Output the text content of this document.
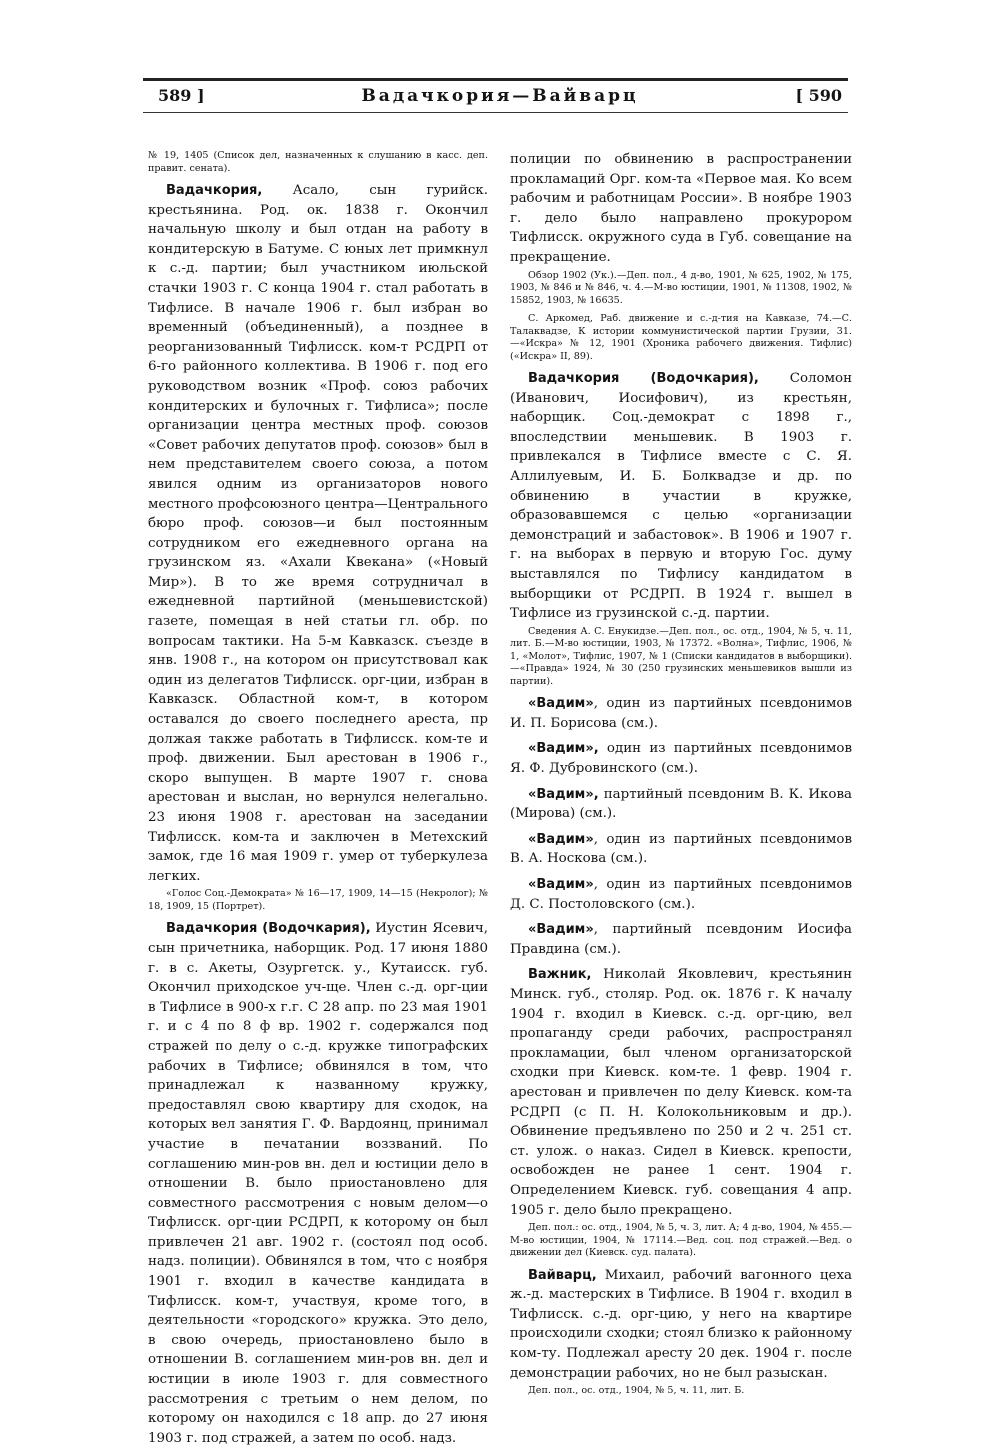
589 ]	Вадачкория—Вайварц	[ 590
№ 19, 1405 (Список дел, назначенных к слушанию в касс. деп. правит. сената).

Вадачкория, Асало, сын гурийск. крестьянина. Род. ок. 1838 г. Окончил начальную школу и был отдан на работу в кондитерскую в Батуме. С юных лет примкнул к с.-д. партии; был участником июльской стачки 1903 г. С конца 1904 г. стал работать в Тифлисе. В начале 1906 г. был избран во временный (объединенный), а позднее в реорганизованный Тифлисск. ком-т РСДРП от 6-го районного коллектива. В 1906 г. под его руководством возник «Проф. союз рабочих кондитерских и булочных г. Тифлиса»; после организации центра местных проф. союзов «Совет рабочих депутатов проф. союзов» был в нем представителем своего союза, а потом явился одним из организаторов нового местного профсоюзного центра—Центрального бюро проф. союзов—и был постоянным сотрудником его ежедневного органа на грузинском яз. «Ахали Квекана» («Новый Мир»). В то же время сотрудничал в ежедневной партийной (меньшевистской) газете, помещая в ней статьи гл. обр. по вопросам тактики. На 5-м Кавказск. съезде в янв. 1908 г., на котором он присутствовал как один из делегатов Тифлисск. орг-ции, избран в Кавказск. Областной ком-т, в котором оставался до своего последнего ареста, пр должая также работать в Тифлисск. ком-те и проф. движении. Был арестован в 1906 г., скоро выпущен. В марте 1907 г. снова арестован и выслан, но вернулся нелегально. 23 июня 1908 г. арестован на заседании Тифлисск. ком-та и заключен в Метехский замок, где 16 мая 1909 г. умер от туберкулеза легких.

«Голос Соц.-Демократа» № 16—17, 1909, 14—15 (Некролог); № 18, 1909, 15 (Портрет).

Вадачкория (Водочкария), Иустин Ясевич, сын причетника, наборщик. Род. 17 июня 1880 г. в с. Акеты, Озургетск. у., Кутаисск. губ. Окончил приходское уч-ще. Член с.-д. орг-ции в Тифлисе в 900-х г.г. С 28 апр. по 23 мая 1901 г. и с 4 по 8 ф вр. 1902 г. содержался под стражей по делу о с.-д. кружке типографских рабочих в Тифлисе; обвинялся в том, что принадлежал к названному кружку, предоставлял свою квартиру для сходок, на которых вел занятия Г. Ф. Вардоянц, принимал участие в печатании воззваний. По соглашению мин-ров вн. дел и юстиции дело в отношении В. было приостановлено для совместного рассмотрения с новым делом—о Тифлисск. орг-ции РСДРП, к которому он был привлечен 21 авг. 1902 г. (состоял под особ. надз. полиции). Обвинялся в том, что с ноября 1901 г. входил в качестве кандидата в Тифлисск. ком-т, участвуя, кроме того, в деятельности «городского» кружка. Это дело, в свою очередь, приостановлено было в отношении В. соглашением мин-ров вн. дел и юстиции в июле 1903 г. для совместного рассмотрения с третьим о нем делом, по которому он находился с 18 апр. до 27 июня 1903 г. под стражей, а затем по особ. надз.

полиции по обвинению в распространении прокламаций Орг. ком-та «Первое мая. Ко всем рабочим и работницам России». В ноябре 1903 г. дело было направлено прокурором Тифлисск. окружного суда в Губ. совещание на прекращение.

Обзор 1902 (Ук.).—Деп. пол., 4 д-во, 1901, № 625, 1902, № 175, 1903, № 846 и № 846, ч. 4.—М-во юстиции, 1901, № 11308, 1902, № 15852, 1903, № 16635.
С. Аркомед, Раб. движение и с.-д-тия на Кавказе, 74.—С. Талаквадзе, К истории коммунистической партии Грузии, 31.—«Искра» № 12, 1901 (Хроника рабочего движения. Тифлис) («Искра» II, 89).

Вадачкория (Водочкария), Соломон (Иванович, Иосифович), из крестьян, наборщик. Соц.-демократ с 1898 г., впоследствии меньшевик. В 1903 г. привлекался в Тифлисе вместе с С. Я. Аллилуевым, И. Б. Болквадзе и др. по обвинению в участии в кружке, образовавшемся с целью «организации демонстраций и забастовок». В 1906 и 1907 г. г. на выборах в первую и вторую Гос. думу выставлялся по Тифлису кандидатом в выборщики от РСДРП. В 1924 г. вышел в Тифлисе из грузинской с.-д. партии.

Сведения А. С. Енукидзе.—Деп. пол., ос. отд., 1904, № 5, ч. 11, лит. Б.—М-во юстиции, 1903, № 17372. «Волна», Тифлис, 1906, № 1, «Молот», Тифлис, 1907, № 1 (Списки кандидатов в выборщики).—«Правда» 1924, № 30 (250 грузинских меньшевиков вышли из партии).

«Вадим», один из партийных псевдонимов И. П. Борисова (см.).

«Вадим», один из партийных псевдонимов Я. Ф. Дубровинского (см.).

«Вадим», партийный псевдоним В. К. Икова (Мирова) (см.).

«Вадим», один из партийных псевдонимов В. А. Носкова (см.).

«Вадим», один из партийных псевдонимов Д. С. Постоловского (см.).

«Вадим», партийный псевдоним Иосифа Правдина (см.).

Важник, Николай Яковлевич, крестьянин Минск. губ., столяр. Род. ок. 1876 г. К началу 1904 г. входил в Киевск. с.-д. орг-цию, вел пропаганду среди рабочих, распространял прокламации, был членом организаторской сходки при Киевск. ком-те. 1 февр. 1904 г. арестован и привлечен по делу Киевск. ком-та РСДРП (с П. Н. Колокольниковым и др.). Обвинение предъявлено по 250 и 2 ч. 251 ст. ст. улож. о наказ. Сидел в Киевск. крепости, освобожден не ранее 1 сент. 1904 г. Определением Киевск. губ. совещания 4 апр. 1905 г. дело было прекращено.

Деп. пол.: ос. отд., 1904, № 5, ч. 3, лит. А; 4 д-во, 1904, № 455.—М-во юстиции, 1904, № 17114.—Вед. соц. под стражей.—Вед. о движении дел (Киевск. суд. палата).

Вайварц, Михаил, рабочий вагонного цеха ж.-д. мастерских в Тифлисе. В 1904 г. входил в Тифлисск. с.-д. орг-цию, у него на квартире происходили сходки; стоял близко к районному ком-ту. Подлежал аресту 20 дек. 1904 г. после демонстрации рабочих, но не был разыскан.

Деп. пол., ос. отд., 1904, № 5, ч. 11, лит. Б.
